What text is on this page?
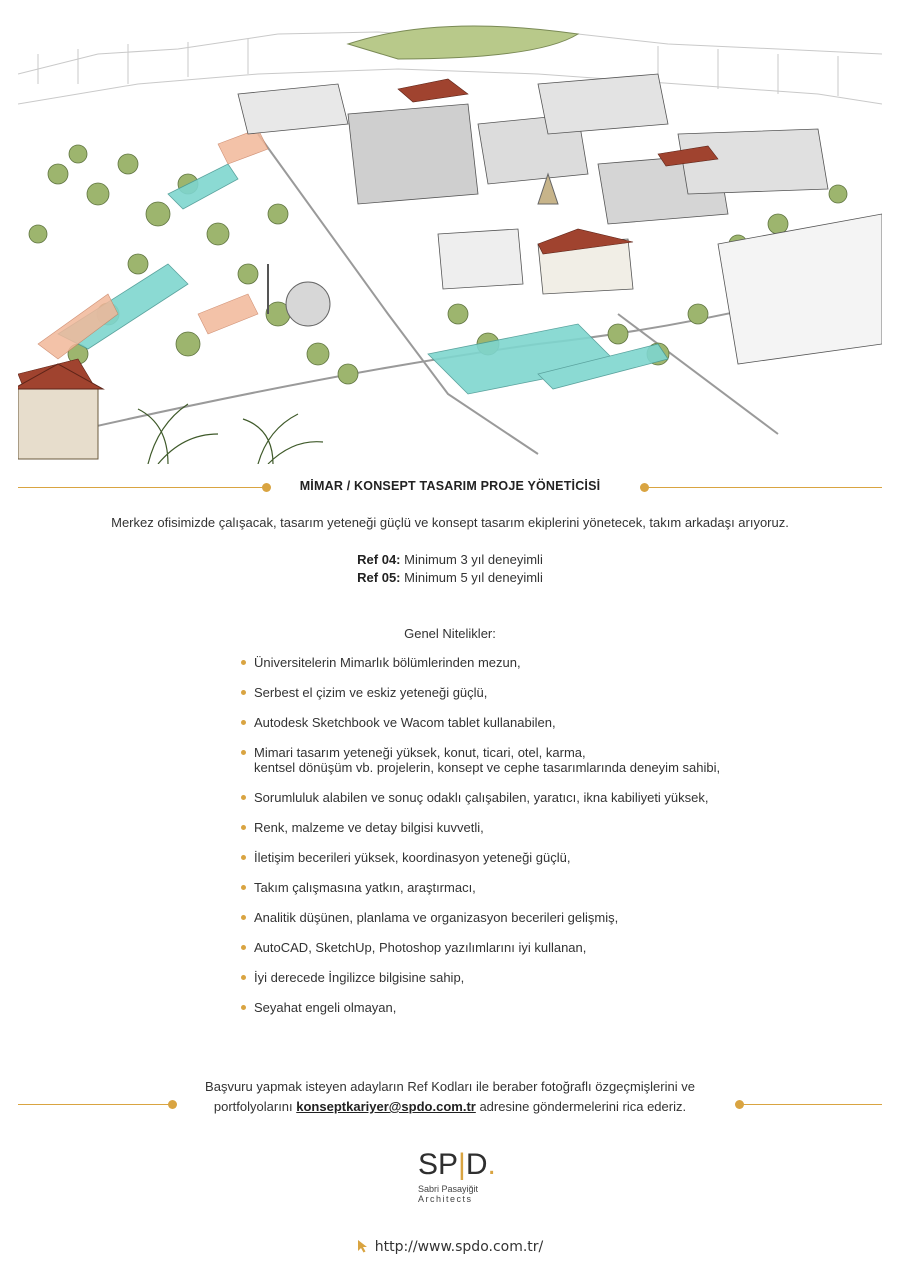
MİMAR / KONSEPT TASARIM PROJE YÖNETİCİSİ
Merkez ofisimizde çalışacak, tasarım yeteneği güçlü ve konsept tasarım ekiplerini yönetecek, takım arkadaşı arıyoruz.
Ref 04: Minimum 3 yıl deneyimli
Ref 05: Minimum 5 yıl deneyimli
Genel Nitelikler:
Üniversitelerin Mimarlık bölümlerinden mezun,
Serbest el çizim ve eskiz yeteneği güçlü,
Autodesk Sketchbook ve Wacom tablet kullanabilen,
Mimari tasarım yeteneği yüksek, konut, ticari, otel, karma,
kentsel dönüşüm vb. projelerin, konsept ve cephe tasarımlarında deneyim sahibi,
Sorumluluk alabilen ve sonuç odaklı çalışabilen, yaratıcı, ikna kabiliyeti yüksek,
Renk, malzeme ve detay bilgisi kuvvetli,
İletişim becerileri yüksek, koordinasyon yeteneği güçlü,
Takım çalışmasına yatkın, araştırmacı,
Analitik düşünen, planlama ve organizasyon becerileri gelişmiş,
AutoCAD, SketchUp, Photoshop yazılımlarını iyi kullanan,
İyi derecede İngilizce bilgisine sahip,
Seyahat engeli olmayan,
Başvuru yapmak isteyen adayların Ref Kodları ile beraber fotoğraflı özgeçmişlerini ve
portfolyolarını konseptkariyer@spdo.com.tr adresine göndermelerini rica ederiz.
SP|D.
Sabri Pasayiğit
Architects
http://www.spdo.com.tr/
